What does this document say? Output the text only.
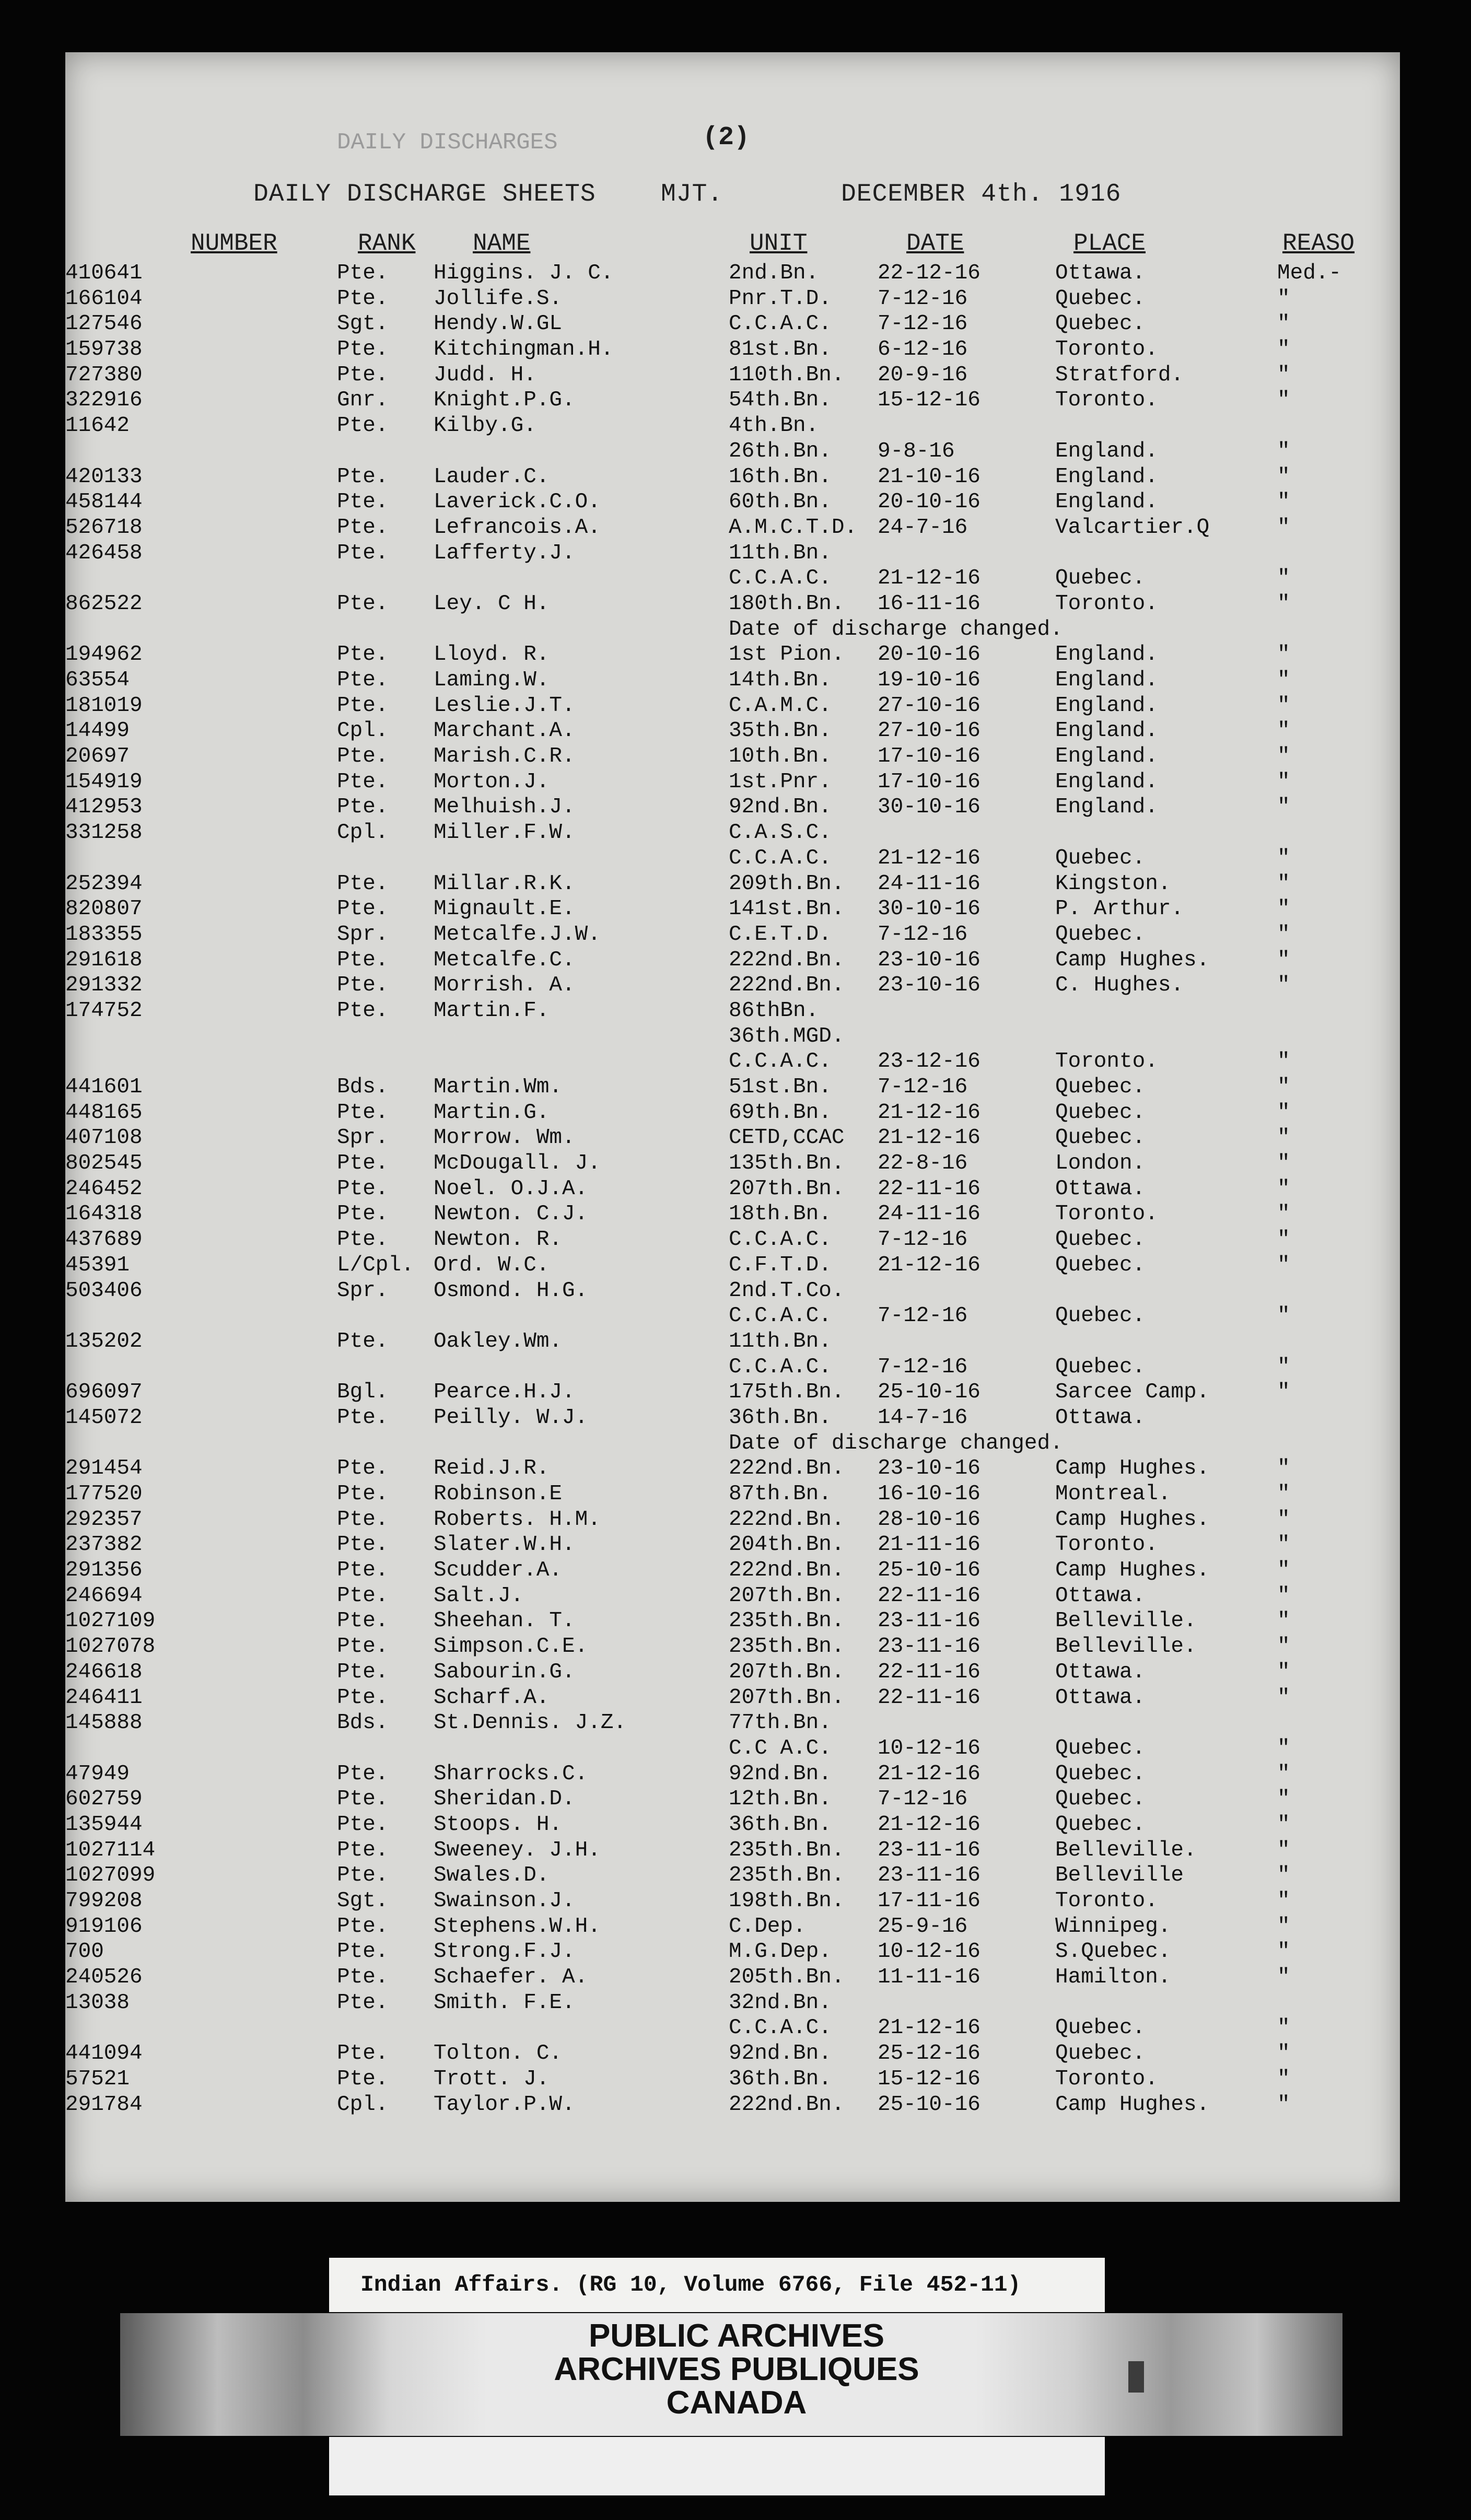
DAILY DISCHARGES	(2)
DAILY DISCHARGE SHEETS	MJT.	DECEMBER 4th. 1916
NUMBER	RANK NAME	UNIT	DATE	PLACE	REASO
410641	Pte. Higgins. J. C.	2nd.Bn.	22-12-16	Ottawa.	Med.-
166104	Pte. Jollife.S.	Pnr.T.D. 7-12-16	Quebec.	"
127546	Sgt. Hendy.W.GL	C.C.A.C. 7-12-16	Quebec.	"
159738	Pte. Kitchingman.H.	81st.Bn. 6-12-16	Toronto.	"
727380	Pte. Judd. H.	110th.Bn. 20-9-16	Stratford.	"
322916	Gnr. Knight.P.G.	54th.Bn. 15-12-16	Toronto.	"
11642	Pte. Kilby.G.	4th.Bn.
26th.Bn. 9-8-16	England.	"
420133	Pte. Lauder.C.	16th.Bn. 21-10-16	England.	"
458144	Pte. Laverick.C.O.	60th.Bn. 20-10-16	England.	"
526718	Pte. Lefrancois.A.	A.M.C.T.D. 24-7-16	Valcartier.Q	"
426458	Pte. Lafferty.J.	11th.Bn.
C.C.A.C. 21-12-16	Quebec.	"
862522	Pte. Ley. C H.	180th.Bn. 16-11-16	Toronto.	"
Date of discharge changed.
194962	Pte. Lloyd. R.	1st Pion. 20-10-16	England.	"
63554	Pte. Laming.W.	14th.Bn. 19-10-16	England.	"
181019	Pte. Leslie.J.T.	C.A.M.C. 27-10-16	England.	"
14499	Cpl. Marchant.A.	35th.Bn. 27-10-16	England.	"
20697	Pte. Marish.C.R.	10th.Bn. 17-10-16	England.	"
154919	Pte. Morton.J.	1st.Pnr. 17-10-16	England.	"
412953	Pte. Melhuish.J.	92nd.Bn. 30-10-16	England.	"
331258	Cpl. Miller.F.W.	C.A.S.C.
C.C.A.C. 21-12-16	Quebec.	"
252394	Pte. Millar.R.K.	209th.Bn. 24-11-16	Kingston.	"
820807	Pte. Mignault.E.	141st.Bn. 30-10-16	P. Arthur.	"
183355	Spr. Metcalfe.J.W.	C.E.T.D. 7-12-16	Quebec.	"
291618	Pte. Metcalfe.C.	222nd.Bn. 23-10-16	Camp Hughes.	"
291332	Pte. Morrish. A.	222nd.Bn. 23-10-16	C. Hughes.	"
174752	Pte. Martin.F.	86thBn.
36th.MGD.
C.C.A.C. 23-12-16	Toronto.	"
441601	Bds. Martin.Wm.	51st.Bn. 7-12-16	Quebec.	"
448165	Pte. Martin.G.	69th.Bn. 21-12-16	Quebec.	"
407108	Spr. Morrow. Wm.	CETD,CCAC 21-12-16	Quebec.	"
802545	Pte. McDougall. J.	135th.Bn. 22-8-16	London.	"
246452	Pte. Noel. O.J.A.	207th.Bn. 22-11-16	Ottawa.	"
164318	Pte. Newton. C.J.	18th.Bn. 24-11-16	Toronto.	"
437689	Pte. Newton. R.	C.C.A.C. 7-12-16	Quebec.	"
45391	L/Cpl. Ord. W.C.	C.F.T.D. 21-12-16	Quebec.	"
503406	Spr. Osmond. H.G.	2nd.T.Co.
C.C.A.C. 7-12-16	Quebec.	"
135202	Pte. Oakley.Wm.	11th.Bn.
C.C.A.C. 7-12-16	Quebec.	"
696097	Bgl. Pearce.H.J.	175th.Bn. 25-10-16	Sarcee Camp.	"
145072	Pte. Peilly. W.J.	36th.Bn. 14-7-16	Ottawa.
Date of discharge changed.
291454	Pte. Reid.J.R.	222nd.Bn. 23-10-16	Camp Hughes.	"
177520	Pte. Robinson.E	87th.Bn. 16-10-16	Montreal.	"
292357	Pte. Roberts. H.M.	222nd.Bn. 28-10-16	Camp Hughes.	"
237382	Pte. Slater.W.H.	204th.Bn. 21-11-16	Toronto.	"
291356	Pte. Scudder.A.	222nd.Bn. 25-10-16	Camp Hughes.	"
246694	Pte. Salt.J.	207th.Bn. 22-11-16	Ottawa.	"
1027109	Pte. Sheehan. T.	235th.Bn. 23-11-16	Belleville.	"
1027078	Pte. Simpson.C.E.	235th.Bn. 23-11-16	Belleville.	"
246618	Pte. Sabourin.G.	207th.Bn. 22-11-16	Ottawa.	"
246411	Pte. Scharf.A.	207th.Bn. 22-11-16	Ottawa.	"
145888	Bds. St.Dennis. J.Z.	77th.Bn.
C.C A.C. 10-12-16	Quebec.	"
47949	Pte. Sharrocks.C.	92nd.Bn. 21-12-16	Quebec.	"
602759	Pte. Sheridan.D.	12th.Bn. 7-12-16	Quebec.	"
135944	Pte. Stoops. H.	36th.Bn. 21-12-16	Quebec.	"
1027114	Pte. Sweeney. J.H.	235th.Bn. 23-11-16	Belleville.	"
1027099	Pte. Swales.D.	235th.Bn. 23-11-16	Belleville	"
799208	Sgt. Swainson.J.	198th.Bn. 17-11-16	Toronto.	"
919106	Pte. Stephens.W.H.	C.Dep.	25-9-16	Winnipeg.	"
700	Pte. Strong.F.J.	M.G.Dep. 10-12-16	S.Quebec.	"
240526	Pte. Schaefer. A.	205th.Bn. 11-11-16	Hamilton.	"
13038	Pte. Smith. F.E.	32nd.Bn.
C.C.A.C. 21-12-16	Quebec.	"
441094	Pte. Tolton. C.	92nd.Bn. 25-12-16	Quebec.	"
57521	Pte. Trott. J.	36th.Bn. 15-12-16	Toronto.	"
291784	Cpl. Taylor.P.W.	222nd.Bn. 25-10-16	Camp Hughes.	"
Indian Affairs. (RG 10, Volume 6766, File 452-11)
PUBLIC ARCHIVES
ARCHIVES PUBLIQUES
CANADA
